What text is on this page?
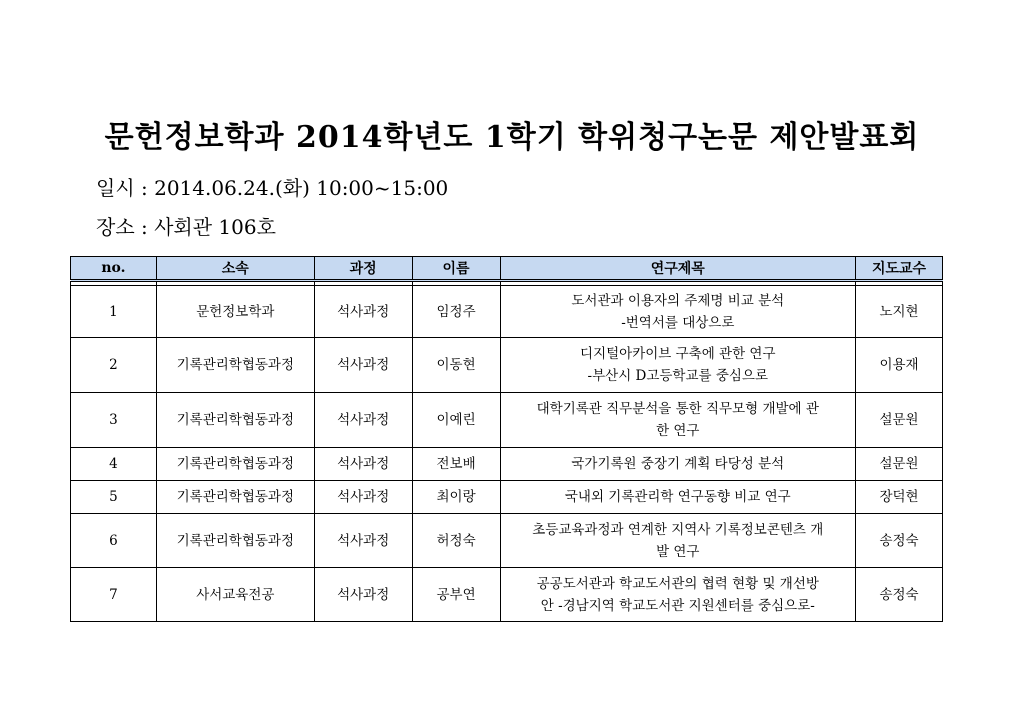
문헌정보학과 2014학년도 1학기 학위청구논문 제안발표회
일시 : 2014.06.24.(화) 10:00~15:00
장소 : 사회관 106호
no.	소속	과정	이름	연구제목	지도교수

1	문헌정보학과	석사과정	임정주	도서관과 이용자의 주제명 비교 분석
-번역서를 대상으로	노지현
2	기록관리학협동과정	석사과정	이동현	디지털아카이브 구축에 관한 연구
-부산시 D고등학교를 중심으로	이용재
3	기록관리학협동과정	석사과정	이예린	대학기록관 직무분석을 통한 직무모형 개발에 관
한 연구	설문원
4	기록관리학협동과정	석사과정	전보배	국가기록원 중장기 계획 타당성 분석	설문원
5	기록관리학협동과정	석사과정	최이랑	국내외 기록관리학 연구동향 비교 연구	장덕현
6	기록관리학협동과정	석사과정	허정숙	초등교육과정과 연계한 지역사 기록정보콘텐츠 개
발 연구	송정숙
7	사서교육전공	석사과정	공부연	공공도서관과 학교도서관의 협력 현황 및 개선방
안 -경남지역 학교도서관 지원센터를 중심으로-	송정숙
